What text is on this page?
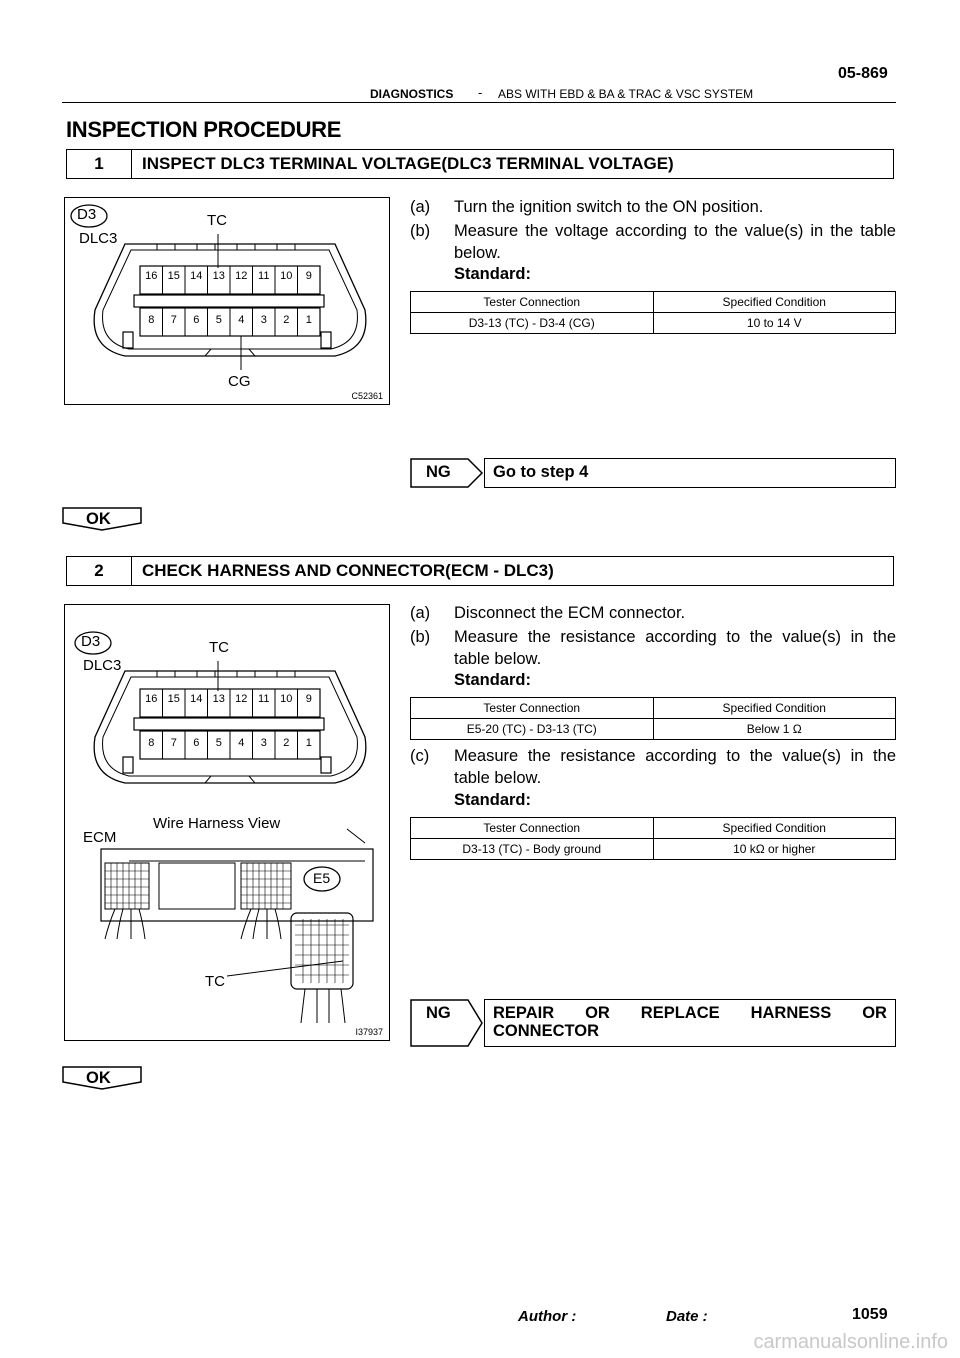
05-869
DIAGNOSTICS - ABS WITH EBD & BA & TRAC & VSC SYSTEM
INSPECTION PROCEDURE
1	INSPECT DLC3 TERMINAL VOLTAGE(DLC3 TERMINAL VOLTAGE)
D3
DLC3
TC
CG
16 15 14 13 12 11 10	9
8	7	6	5	4	3	2	1
C52361
(a) Turn the ignition switch to the ON position.
(b) Measure the voltage according to the value(s) in the table below.
Standard:
Tester Connection	Specified Condition
D3-13 (TC) - D3-4 (CG)	10 to 14 V
NG	Go to step 4
OK
2	CHECK HARNESS AND CONNECTOR(ECM - DLC3)
D3
DLC3
TC
16 15 14 13 12 11 10	9
8	7	6	5	4	3	2	1
Wire Harness View
ECM
E5
TC
I37937
(a) Disconnect the ECM connector.
(b) Measure the resistance according to the value(s) in the table below.
Standard:
Tester Connection	Specified Condition
E5-20 (TC) - D3-13 (TC)	Below 1 Ω
(c) Measure the resistance according to the value(s) in the table below.
Standard:
Tester Connection	Specified Condition
D3-13 (TC) - Body ground	10 kΩ or higher
NG	REPAIR OR REPLACE HARNESS OR
CONNECTOR
OK
Author :	Date :	1059
carmanualsonline.info
